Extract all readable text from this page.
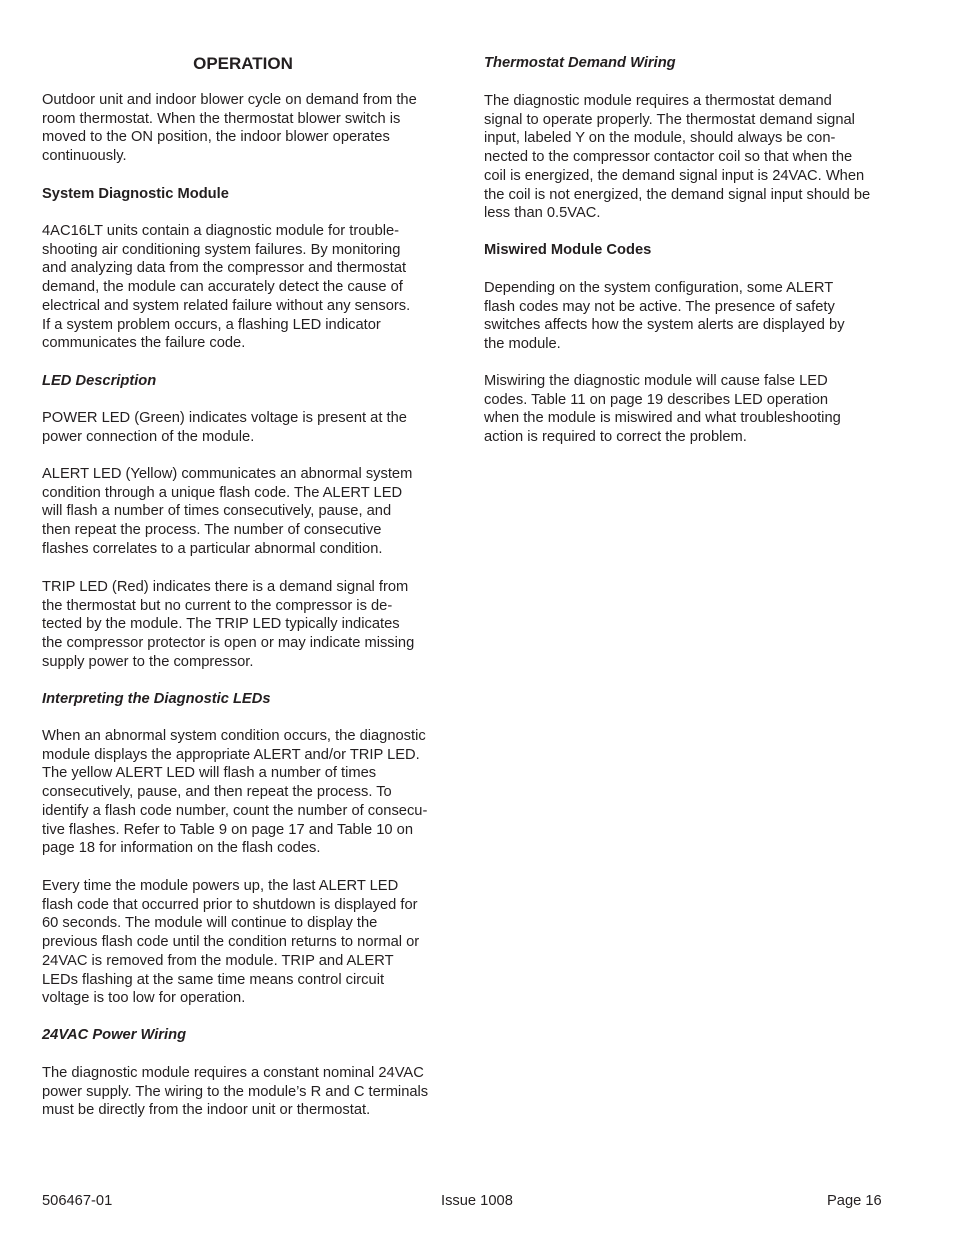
OPERATION

Outdoor unit and indoor blower cycle on demand from the
room thermostat. When the thermostat blower switch is
moved to the ON position, the indoor blower operates
continuously.

System Diagnostic Module

4AC16LT units contain a diagnostic module for trouble-
shooting air conditioning system failures. By monitoring
and analyzing data from the compressor and thermostat
demand, the module can accurately detect the cause of
electrical and system related failure without any sensors.
If a system problem occurs, a flashing LED indicator
communicates the failure code.

LED Description

POWER LED (Green) indicates voltage is present at the
power connection of the module.

ALERT LED (Yellow) communicates an abnormal system
condition through a unique flash code. The ALERT LED
will flash a number of times consecutively, pause, and
then repeat the process. The number of consecutive
flashes correlates to a particular abnormal condition.

TRIP LED (Red) indicates there is a demand signal from
the thermostat but no current to the compressor is de-
tected by the module. The TRIP LED typically indicates
the compressor protector is open or may indicate missing
supply power to the compressor.

Interpreting the Diagnostic LEDs

When an abnormal system condition occurs, the diagnostic
module displays the appropriate ALERT and/or TRIP LED.
The yellow ALERT LED will flash a number of times
consecutively, pause, and then repeat the process. To
identify a flash code number, count the number of consecu-
tive flashes. Refer to Table 9 on page 17 and Table 10 on
page 18 for information on the flash codes.

Every time the module powers up, the last ALERT LED
flash code that occurred prior to shutdown is displayed for
60 seconds. The module will continue to display the
previous flash code until the condition returns to normal or
24VAC is removed from the module. TRIP and ALERT
LEDs flashing at the same time means control circuit
voltage is too low for operation.

24VAC Power Wiring

The diagnostic module requires a constant nominal 24VAC
power supply. The wiring to the module’s R and C terminals
must be directly from the indoor unit or thermostat.

Thermostat Demand Wiring

The diagnostic module requires a thermostat demand
signal to operate properly. The thermostat demand signal
input, labeled Y on the module, should always be con-
nected to the compressor contactor coil so that when the
coil is energized, the demand signal input is 24VAC. When
the coil is not energized, the demand signal input should be
less than 0.5VAC.

Miswired Module Codes

Depending on the system configuration, some ALERT
flash codes may not be active. The presence of safety
switches affects how the system alerts are displayed by
the module.

Miswiring the diagnostic module will cause false LED
codes. Table 11 on page 19 describes LED operation
when the module is miswired and what troubleshooting
action is required to correct the problem.

506467-01	Issue 1008	Page 16
